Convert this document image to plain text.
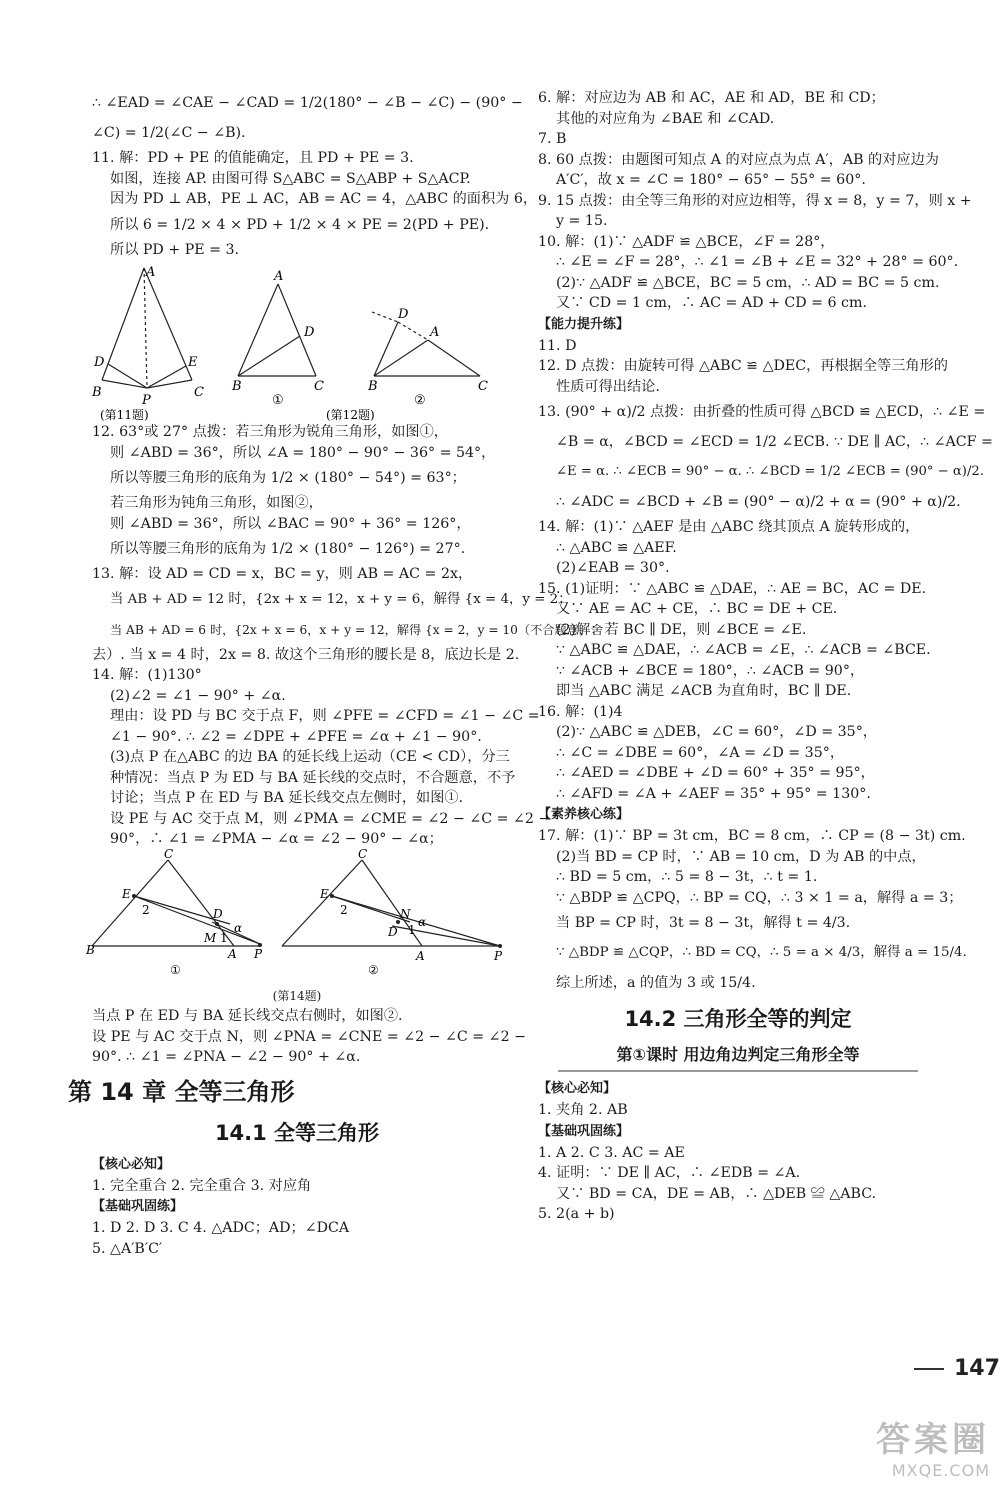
∴ ∠EAD = ∠CAE − ∠CAD = 1/2(180° − ∠B − ∠C) − (90° −
∠C) = 1/2(∠C − ∠B).
11. 解：PD + PE 的值能确定，且 PD + PE = 3.
如图，连接 AP. 由图可得 S△ABC = S△ABP + S△ACP.
因为 PD ⊥ AB，PE ⊥ AC，AB = AC = 4，△ABC 的面积为 6，
所以 6 = 1/2 × 4 × PD + 1/2 × 4 × PE = 2(PD + PE).
所以 PD + PE = 3.
A
B	C
D	E
P
(第11题)
A
B	C
D
①
A
B	C
D
②
(第12题)
12. 63°或 27° 点拨：若三角形为锐角三角形，如图①，
则 ∠ABD = 36°，所以 ∠A = 180° − 90° − 36° = 54°，
所以等腰三角形的底角为 1/2 × (180° − 54°) = 63°；
若三角形为钝角三角形，如图②，
则 ∠ABD = 36°，所以 ∠BAC = 90° + 36° = 126°，
所以等腰三角形的底角为 1/2 × (180° − 126°) = 27°.
13. 解：设 AD = CD = x，BC = y，则 AB = AC = 2x，
当 AB + AD = 12 时，{2x + x = 12，x + y = 6，解得 {x = 4，y = 2；
当 AB + AD = 6 时，{2x + x = 6，x + y = 12，解得 {x = 2，y = 10（不合题意，舍
去）. 当 x = 4 时，2x = 8. 故这个三角形的腰长是 8，底边长是 2.
14. 解：(1)130°
(2)∠2 = ∠1 − 90° + ∠α.
理由：设 PD 与 BC 交于点 F，则 ∠PFE = ∠CFD = ∠1 − ∠C =
∠1 − 90°. ∴ ∠2 = ∠DPE + ∠PFE = ∠α + ∠1 − 90°.
(3)点 P 在△ABC 的边 BA 的延长线上运动（CE < CD），分三
种情况：当点 P 为 ED 与 BA 延长线的交点时，不合题意，不予
讨论；当点 P 在 ED 与 BA 延长线交点左侧时，如图①.
设 PE 与 AC 交于点 M，则 ∠PMA = ∠CME = ∠2 − ∠C = ∠2 −
90°，∴ ∠1 = ∠PMA − ∠α = ∠2 − 90° − ∠α；
B
C
E
D
M
A P
2
1
α
①
C
E
N
D
A	P
2
1
α
②
(第14题)
当点 P 在 ED 与 BA 延长线交点右侧时，如图②.
设 PE 与 AC 交于点 N，则 ∠PNA = ∠CNE = ∠2 − ∠C = ∠2 −
90°. ∴ ∠1 = ∠PNA − ∠2 − 90° + ∠α.
第 14 章 全等三角形
14.1 全等三角形
【核心必知】
1. 完全重合 2. 完全重合 3. 对应角
【基础巩固练】
1. D 2. D 3. C 4. △ADC；AD；∠DCA
5. △A′B′C′
6. 解：对应边为 AB 和 AC，AE 和 AD，BE 和 CD；
其他的对应角为 ∠BAE 和 ∠CAD.
7. B
8. 60 点拨：由题图可知点 A 的对应点为点 A′，AB 的对应边为
A′C′，故 x = ∠C = 180° − 65° − 55° = 60°.
9. 15 点拨：由全等三角形的对应边相等，得 x = 8，y = 7，则 x +
y = 15.
10. 解：(1)∵ △ADF ≌ △BCE，∠F = 28°，
∴ ∠E = ∠F = 28°，∴ ∠1 = ∠B + ∠E = 32° + 28° = 60°.
(2)∵ △ADF ≌ △BCE，BC = 5 cm，∴ AD = BC = 5 cm.
又∵ CD = 1 cm，∴ AC = AD + CD = 6 cm.
【能力提升练】
11. D
12. D 点拨：由旋转可得 △ABC ≌ △DEC，再根据全等三角形的
性质可得出结论.
13. (90° + α)/2 点拨：由折叠的性质可得 △BCD ≌ △ECD，∴ ∠E =
∠B = α，∠BCD = ∠ECD = 1/2 ∠ECB. ∵ DE ∥ AC，∴ ∠ACF =
∠E = α. ∴ ∠ECB = 90° − α. ∴ ∠BCD = 1/2 ∠ECB = (90° − α)/2.
∴ ∠ADC = ∠BCD + ∠B = (90° − α)/2 + α = (90° + α)/2.
14. 解：(1)∵ △AEF 是由 △ABC 绕其顶点 A 旋转形成的，
∴ △ABC ≌ △AEF.
(2)∠EAB = 30°.
15. (1)证明：∵ △ABC ≌ △DAE，∴ AE = BC，AC = DE.
又∵ AE = AC + CE，∴ BC = DE + CE.
(2)解：若 BC ∥ DE，则 ∠BCE = ∠E.
∵ △ABC ≌ △DAE，∴ ∠ACB = ∠E，∴ ∠ACB = ∠BCE.
∵ ∠ACB + ∠BCE = 180°，∴ ∠ACB = 90°，
即当 △ABC 满足 ∠ACB 为直角时，BC ∥ DE.
16. 解：(1)4
(2)∵ △ABC ≌ △DEB，∠C = 60°，∠D = 35°，
∴ ∠C = ∠DBE = 60°，∠A = ∠D = 35°，
∴ ∠AED = ∠DBE + ∠D = 60° + 35° = 95°，
∴ ∠AFD = ∠A + ∠AEF = 35° + 95° = 130°.
【素养核心练】
17. 解：(1)∵ BP = 3t cm，BC = 8 cm，∴ CP = (8 − 3t) cm.
(2)当 BD = CP 时，∵ AB = 10 cm，D 为 AB 的中点，
∴ BD = 5 cm，∴ 5 = 8 − 3t，∴ t = 1.
∵ △BDP ≌ △CPQ，∴ BP = CQ，∴ 3 × 1 = a，解得 a = 3；
当 BP = CP 时，3t = 8 − 3t，解得 t = 4/3.
∵ △BDP ≌ △CQP，∴ BD = CQ，∴ 5 = a × 4/3，解得 a = 15/4.
综上所述，a 的值为 3 或 15/4.
14.2 三角形全等的判定
第①课时 用边角边判定三角形全等
【核心必知】
1. 夹角 2. AB
【基础巩固练】
1. A 2. C 3. AC = AE
4. 证明：∵ DE ∥ AC，∴ ∠EDB = ∠A.
又∵ BD = CA，DE = AB，∴ △DEB ≌ △ABC.
5. 2(a + b)
147
答案圈
MXQE.COM
